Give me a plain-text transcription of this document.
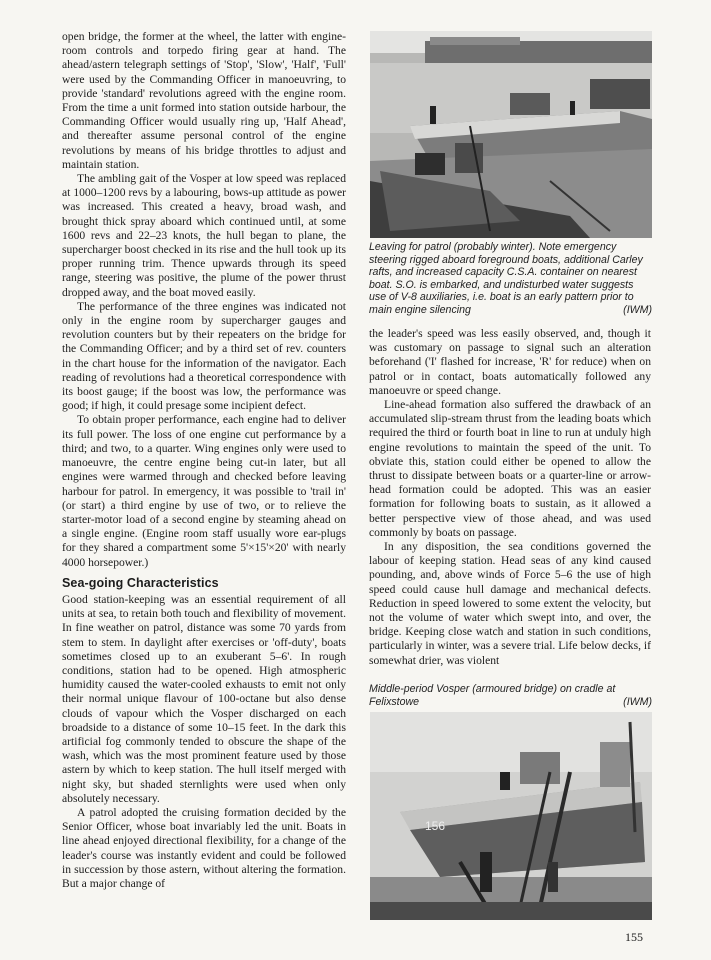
open bridge, the former at the wheel, the latter with engine-room controls and torpedo firing gear at hand. The ahead/astern telegraph settings of 'Stop', 'Slow', 'Half', 'Full' were used by the Commanding Officer in manoeuvring, to provide 'standard' revolutions agreed with the engine room. From the time a unit formed into station outside harbour, the Commanding Officer would usually ring up, 'Half Ahead', and thereafter assume personal control of the engine revolutions by means of his bridge throttles to adjust and maintain station.

The ambling gait of the Vosper at low speed was replaced at 1000–1200 revs by a labouring, bows-up attitude as power was increased. This created a heavy, broad wash, and brought thick spray aboard which continued until, at some 1600 revs and 22–23 knots, the hull began to plane, the supercharger boost checked in its rise and the hull took up its proper running trim. Thence upwards through its speed range, steering was positive, the plume of the power thrust dropped away, and the boat moved easily.

The performance of the three engines was indicated not only in the engine room by supercharger gauges and revolution counters but by their repeaters on the bridge for the Commanding Officer; and by a third set of rev. counters in the chart house for the information of the navigator. Each reading of revolutions had a theoretical correspondence with its boost gauge; if the boost was low, the performance was good; if high, it could presage some incipient defect.

To obtain proper performance, each engine had to deliver its full power. The loss of one engine cut performance by a third; and two, to a quarter. Wing engines only were used to manoeuvre, the centre engine being cut-in later, but all engines were warmed through and checked before leaving harbour for patrol. In emergency, it was possible to 'trail in' (or start) a third engine by use of two, or to relieve the starter-motor load of a second engine by steaming ahead on a single engine. (Engine room staff usually wore ear-plugs for they shared a compartment some 5'×15'×20' with nearly 4000 horsepower.)

Sea-going Characteristics

Good station-keeping was an essential requirement of all units at sea, to retain both touch and flexibility of movement. In fine weather on patrol, distance was some 70 yards from stem to stem. In daylight after exercises or 'off-duty', boats sometimes closed up to an exuberant 5–6'. In rough conditions, station had to be opened. High atmospheric humidity caused the water-cooled exhausts to emit not only their normal unique flavour of 100-octane but also dense clouds of vapour which the Vosper discharged on each broadside to a distance of some 10–15 feet. In the dark this artificial fog commonly tended to obscure the shape of the wash, which was the most prominent feature used by those astern by which to keep station. The hull itself merged with night sky, but shaded sternlights were used when only absolutely necessary.

A patrol adopted the cruising formation decided by the Senior Officer, whose boat invariably led the unit. Boats in line ahead enjoyed directional flexibility, for a change of the leader's course was instantly evident and could be followed in succession by those astern, without altering the formation. But a major change of

Leaving for patrol (probably winter). Note emergency steering rigged aboard foreground boats, additional Carley rafts, and increased capacity C.S.A. container on nearest boat. S.O. is embarked, and undisturbed water suggests use of V-8 auxiliaries, i.e. boat is an early pattern prior to main engine silencing	(IWM)

the leader's speed was less easily observed, and, though it was customary on passage to signal such an alteration beforehand ('I' flashed for increase, 'R' for reduce) when on patrol or in contact, boats automatically followed any manoeuvre or speed change.

Line-ahead formation also suffered the drawback of an accumulated slip-stream thrust from the leading boats which required the third or fourth boat in line to run at unduly high engine revolutions to maintain the speed of the unit. To obviate this, station could either be opened to allow the thrust to dissipate between boats or a quarter-line or arrow-head formation could be adopted. This was an easier formation for following boats to sustain, as it allowed a better perspective view of those ahead, and was used commonly by boats on passage.

In any disposition, the sea conditions governed the labour of keeping station. Head seas of any kind caused pounding, and, above winds of Force 5–6 the use of high speed could cause hull damage and mechanical defects. Reduction in speed lowered to some extent the velocity, but not the volume of water which swept into, and over, the bridge. Keeping close watch and station in such conditions, particularly in winter, was a severe trial. Life below decks, if somewhat drier, was violent

Middle-period Vosper (armoured bridge) on cradle at Felixstowe	(IWM)
156
155
